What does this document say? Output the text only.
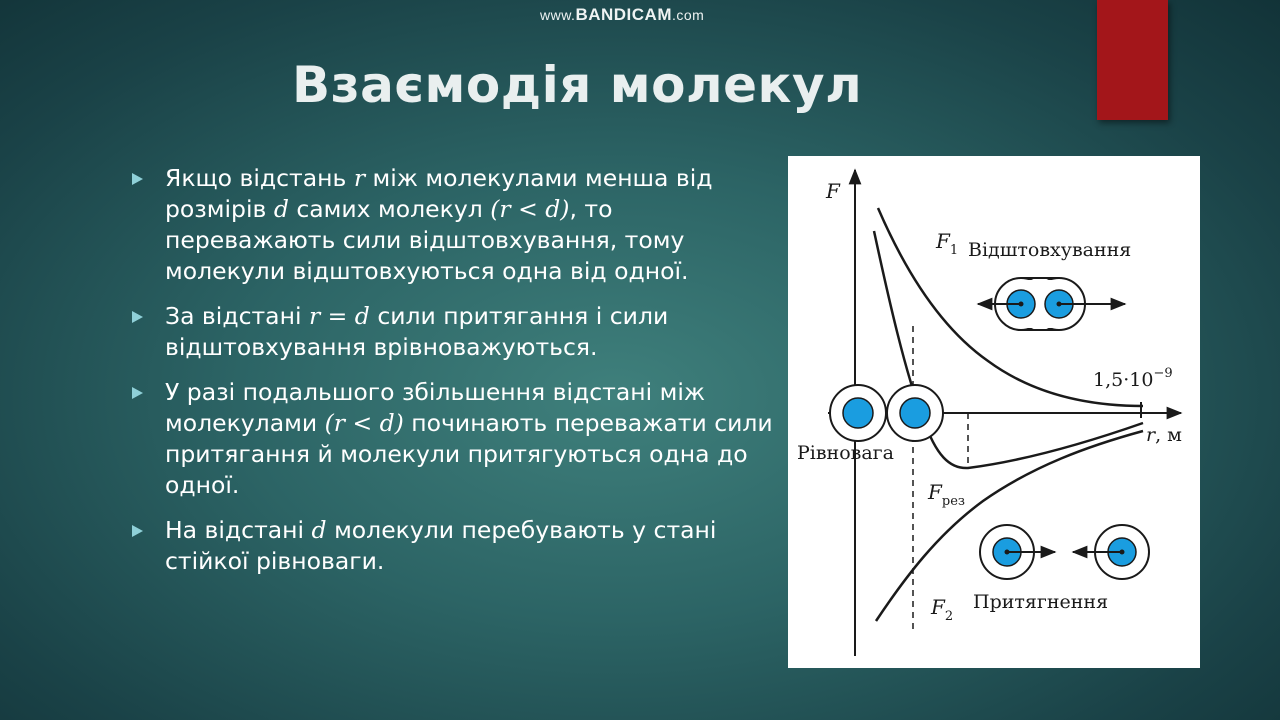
www.BANDICAM.com
Взаємодія молекул
Якщо відстань r між молекулами менша від розмірів d самих молекул (r < d), то переважають сили відштовхування, тому молекули відштовхуються одна від одної.
За відстані r = d сили притягання і сили відштовхування врівноважуються.
У разі подальшого збільшення відстані між молекулами (r < d) починають переважати сили притягання й молекули притягуються одна до одної.
На відстані d молекули перебувають у стані стійкої рівноваги.
F
r, м
$F_1$
$F_{рез}$
$F_2$
$1,5\cdot 10^{-9}$
Відштовхування
Рівновага
Притягнення
